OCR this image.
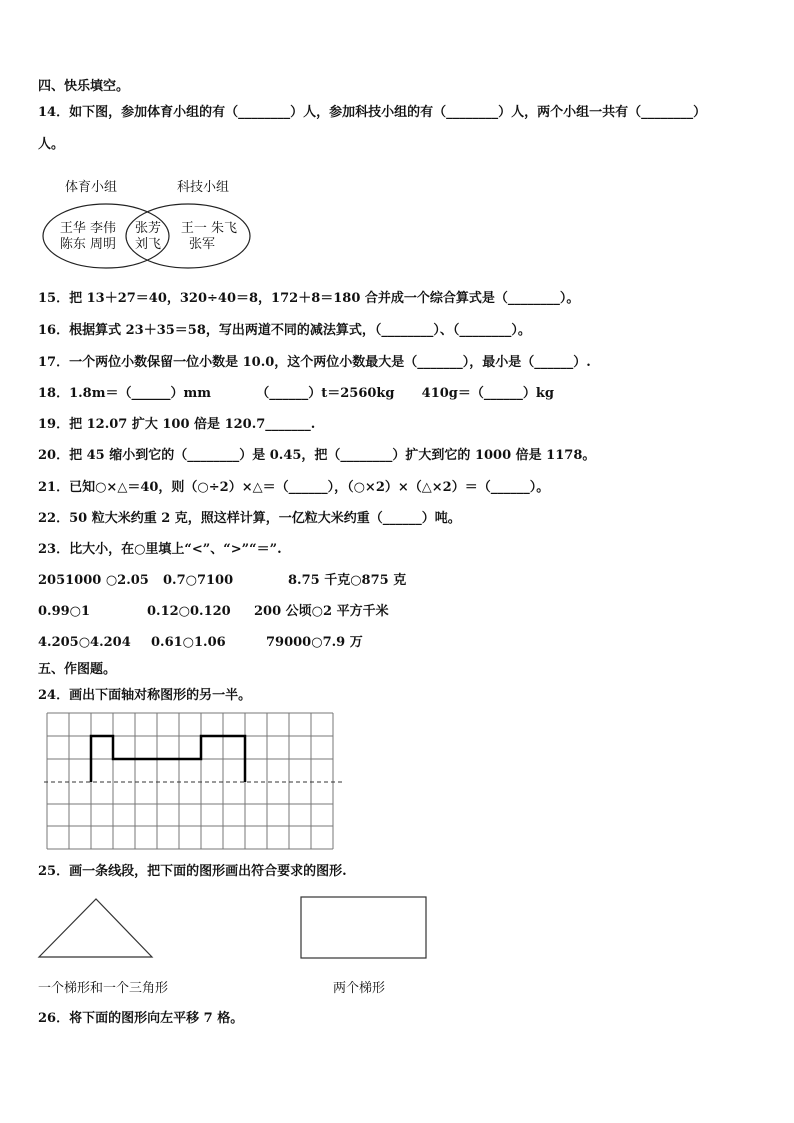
四、快乐填空。
14．如下图，参加体育小组的有（________）人，参加科技小组的有（________）人，两个小组一共有（________）
人。
体育小组	科技小组
王华 李伟
陈东 周明
张芳
刘飞
王一 朱飞
张军
15．把 13＋27＝40，320÷40＝8，172＋8＝180 合并成一个综合算式是（________）。
16．根据算式 23＋35＝58，写出两道不同的减法算式，（________）、（________）。
17．一个两位小数保留一位小数是 10.0，这个两位小数最大是（_______），最小是（______）.
18．1.8m＝（______）mm          （______）t＝2560kg      410g＝（______）kg
19．把 12.07 扩大 100 倍是 120.7_______.
20．把 45 缩小到它的（________）是 0.45，把（________）扩大到它的 1000 倍是 1178。
21．已知○×△＝40，则（○÷2）×△＝（______），（○×2）×（△×2）＝（______）。
22．50 粒大米约重 2 克，照这样计算，一亿粒大米约重（______）吨。
23．比大小，在○里填上“<”、“>”“＝”.
2051000 ○2.05 0.7○7100	8.75 千克○875 克
0.99○1	0.12○0.120 200 公顷○2 平方千米
4.205○4.204 0.61○1.06	79000○7.9 万
五、作图题。
24．画出下面轴对称图形的另一半。
25．画一条线段，把下面的图形画出符合要求的图形.
一个梯形和一个三角形	两个梯形
26．将下面的图形向左平移 7 格。
